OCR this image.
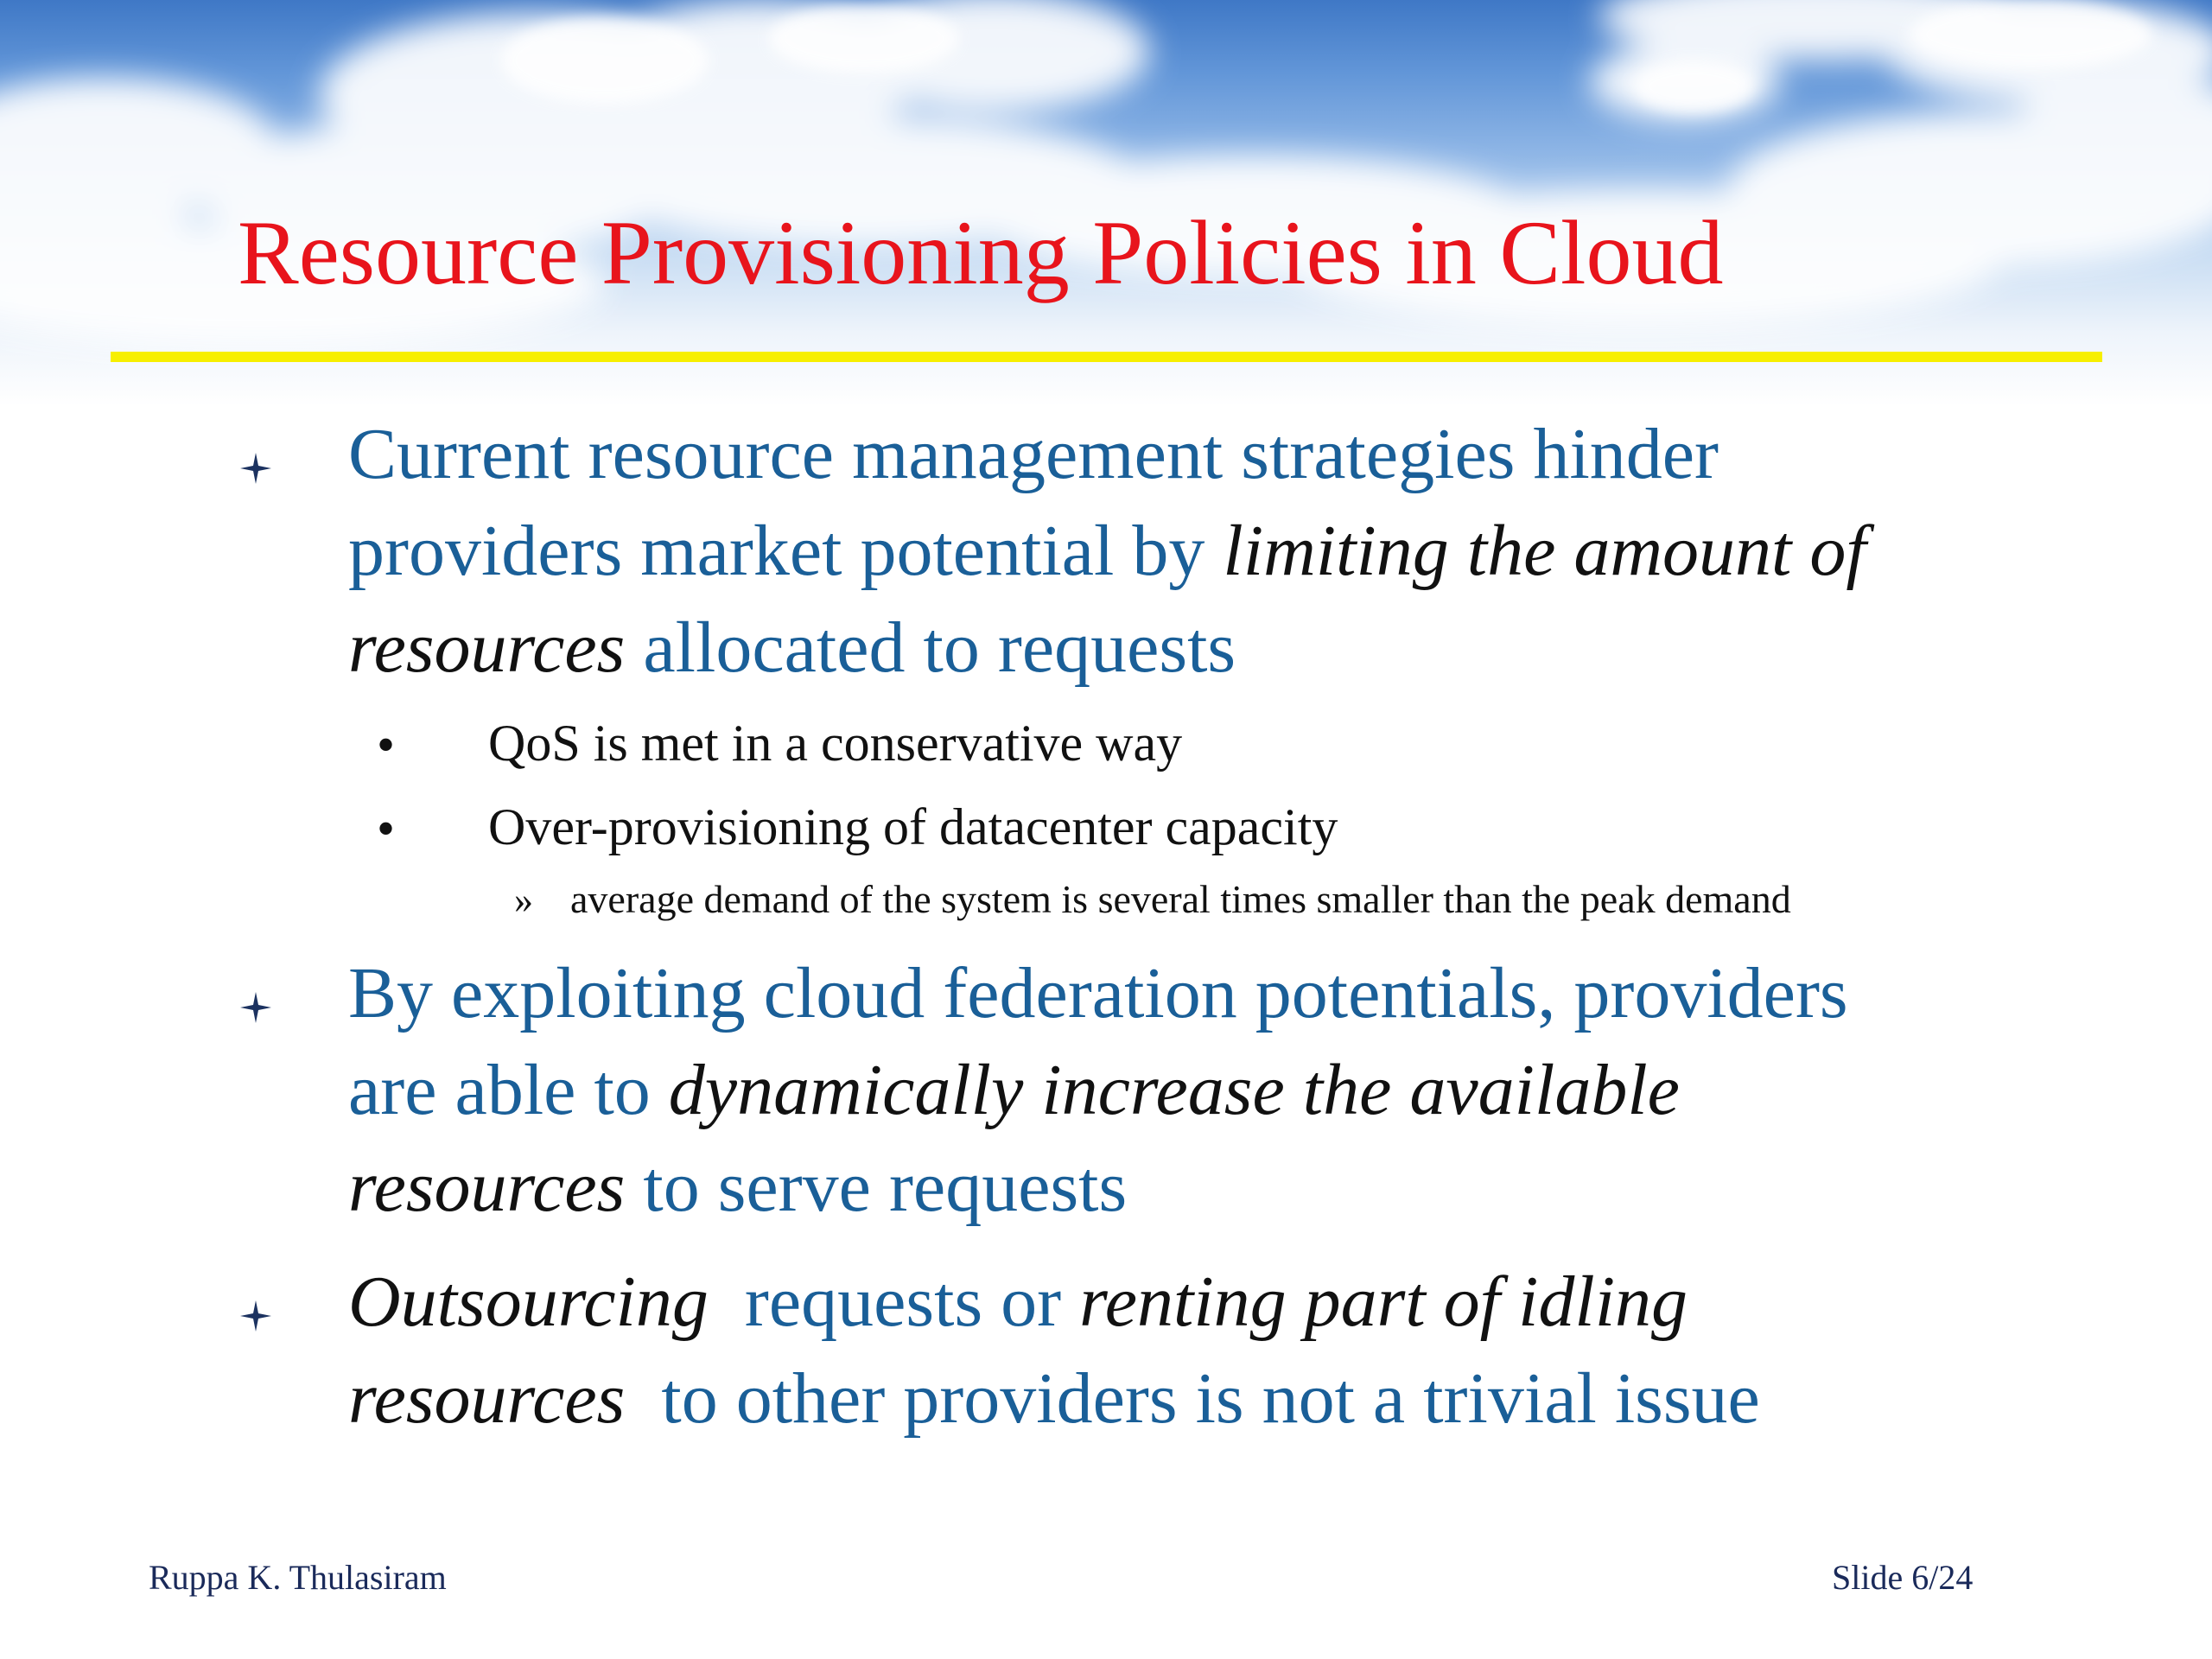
Resource Provisioning Policies in Cloud
Current resource management strategies hinder
providers market potential by limiting the amount of
resources allocated to requests
• QoS is met in a conservative way
• Over-provisioning of datacenter capacity
» average demand of the system is several times smaller than the peak demand
By exploiting cloud federation potentials, providers
are able to dynamically increase the available
resources to serve requests
Outsourcing  requests or renting part of idling
resources  to other providers is not a trivial issue
Ruppa K. Thulasiram	Slide 6/24
